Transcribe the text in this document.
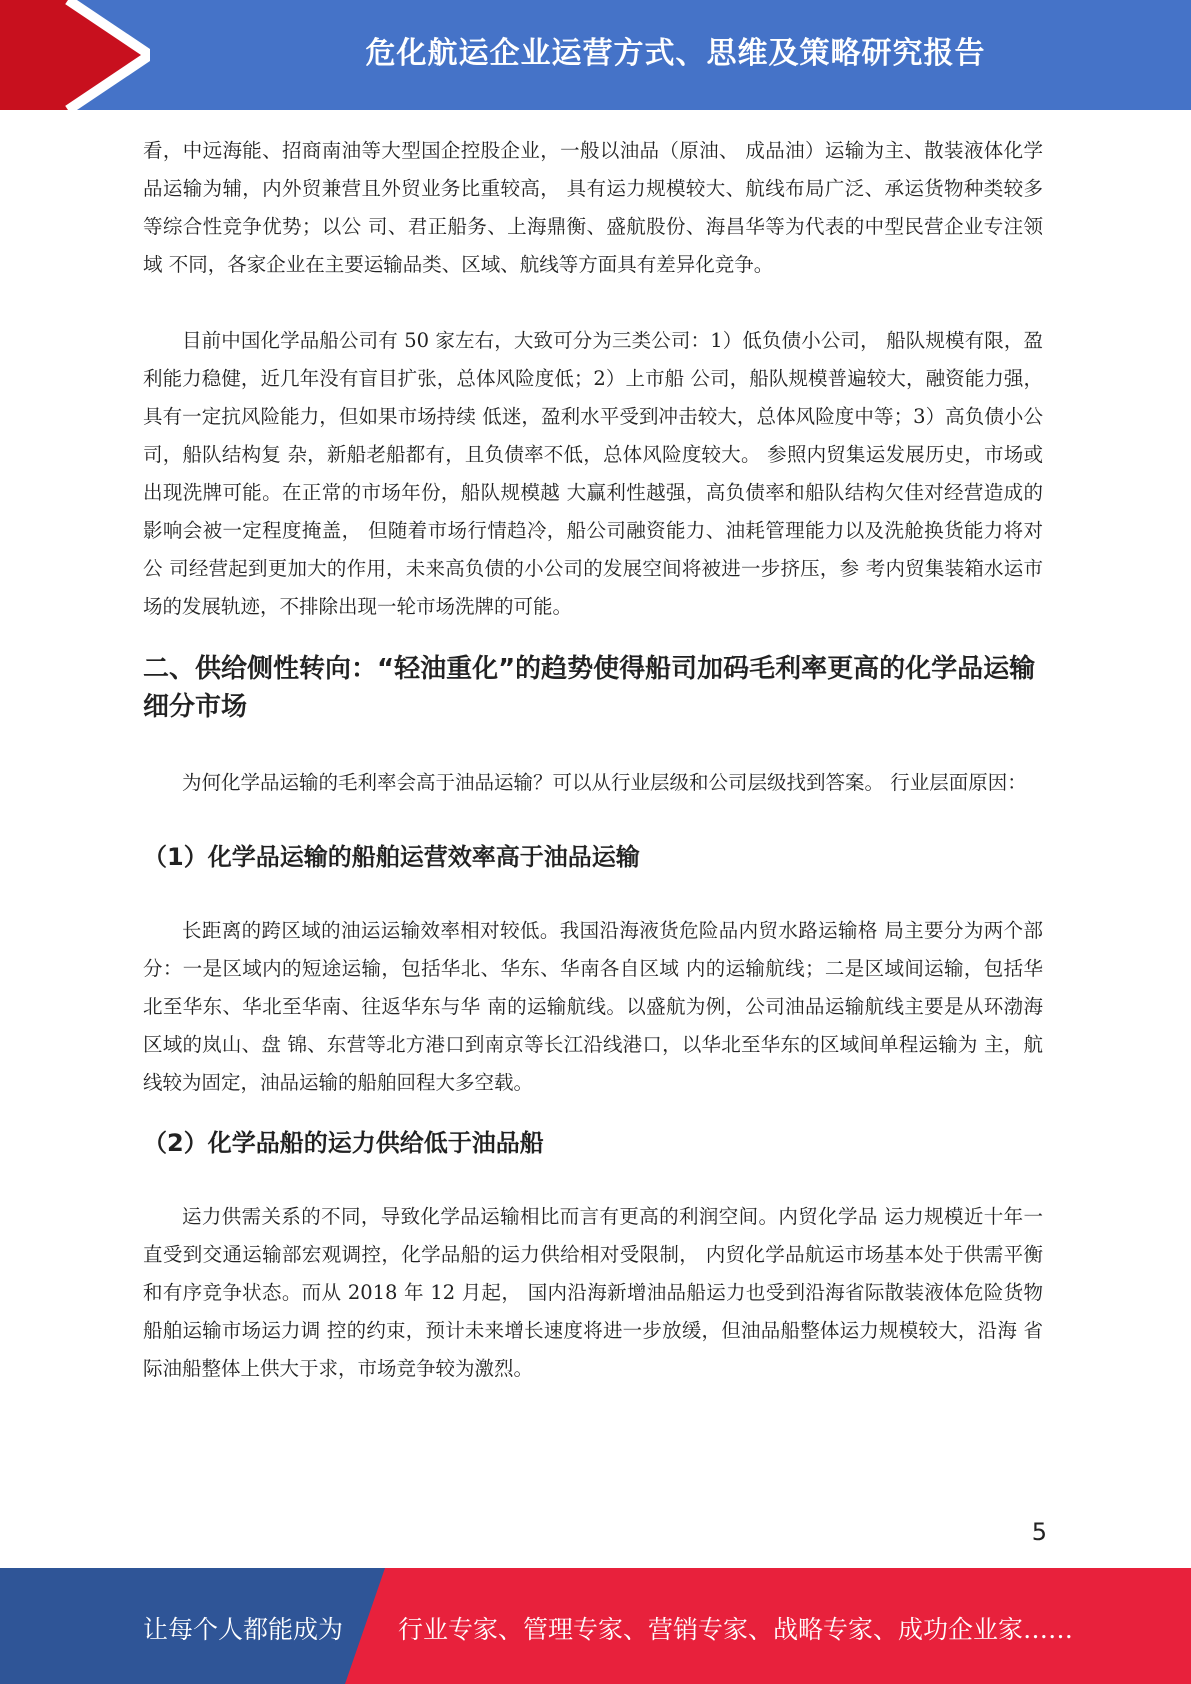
危化航运企业运营方式、思维及策略研究报告

看，中远海能、招商南油等大型国企控股企业，一般以油品（原油、 成品油）运输为主、散装液体化学品运输为辅，内外贸兼营且外贸业务比重较高， 具有运力规模较大、航线布局广泛、承运货物种类较多等综合性竞争优势；以公 司、君正船务、上海鼎衡、盛航股份、海昌华等为代表的中型民营企业专注领域 不同，各家企业在主要运输品类、区域、航线等方面具有差异化竞争。

目前中国化学品船公司有 50 家左右，大致可分为三类公司：1）低负债小公司， 船队规模有限，盈利能力稳健，近几年没有盲目扩张，总体风险度低；2）上市船 公司，船队规模普遍较大，融资能力强，具有一定抗风险能力，但如果市场持续 低迷，盈利水平受到冲击较大，总体风险度中等；3）高负债小公司，船队结构复 杂，新船老船都有，且负债率不低，总体风险度较大。 参照内贸集运发展历史，市场或出现洗牌可能。在正常的市场年份，船队规模越 大赢利性越强，高负债率和船队结构欠佳对经营造成的影响会被一定程度掩盖， 但随着市场行情趋冷，船公司融资能力、油耗管理能力以及洗舱换货能力将对公 司经营起到更加大的作用，未来高负债的小公司的发展空间将被进一步挤压，参 考内贸集装箱水运市场的发展轨迹，不排除出现一轮市场洗牌的可能。

二、供给侧性转向：“轻油重化”的趋势使得船司加码毛利率更高的化学品运输 细分市场

为何化学品运输的毛利率会高于油品运输？可以从行业层级和公司层级找到答案。 行业层面原因：

（1）化学品运输的船舶运营效率高于油品运输

长距离的跨区域的油运运输效率相对较低。我国沿海液货危险品内贸水路运输格 局主要分为两个部分：一是区域内的短途运输，包括华北、华东、华南各自区域 内的运输航线；二是区域间运输，包括华北至华东、华北至华南、往返华东与华 南的运输航线。以盛航为例，公司油品运输航线主要是从环渤海区域的岚山、盘 锦、东营等北方港口到南京等长江沿线港口，以华北至华东的区域间单程运输为 主，航线较为固定，油品运输的船舶回程大多空载。

（2）化学品船的运力供给低于油品船

运力供需关系的不同，导致化学品运输相比而言有更高的利润空间。内贸化学品 运力规模近十年一直受到交通运输部宏观调控，化学品船的运力供给相对受限制， 内贸化学品航运市场基本处于供需平衡和有序竞争状态。而从 2018 年 12 月起， 国内沿海新增油品船运力也受到沿海省际散装液体危险货物船舶运输市场运力调 控的约束，预计未来增长速度将进一步放缓，但油品船整体运力规模较大，沿海 省际油船整体上供大于求，市场竞争较为激烈。

5
让每个人都能成为 行业专家、管理专家、营销专家、战略专家、成功企业家……
